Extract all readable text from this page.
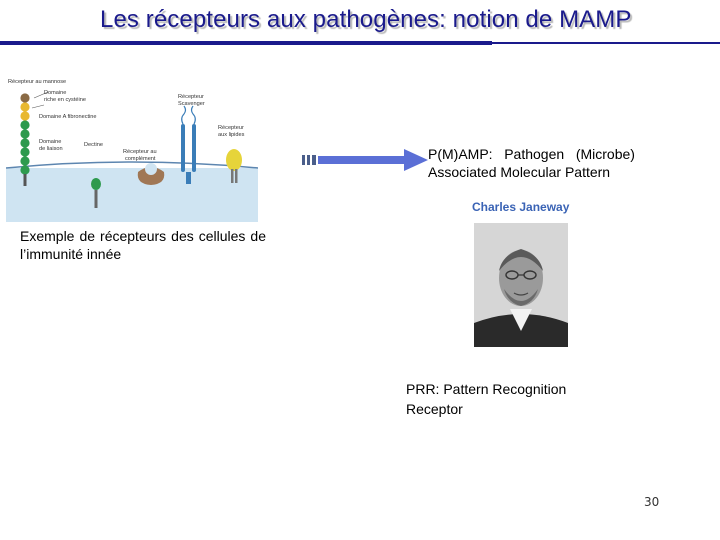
Les récepteurs aux pathogènes: notion de MAMP
Récepteur au mannose
Domaine
riche en cystéine
Domaine A fibronectine
Domaine
de liaison
Dectine
Récepteur
Scavenger
Récepteur au
complément
Récepteur
aux lipides
Exemple de récepteurs des cellules de l’immunité innée
P(M)AMP:   Pathogen   (Microbe) Associated Molecular Pattern
Charles Janeway
PRR: Pattern Recognition Receptor
30
